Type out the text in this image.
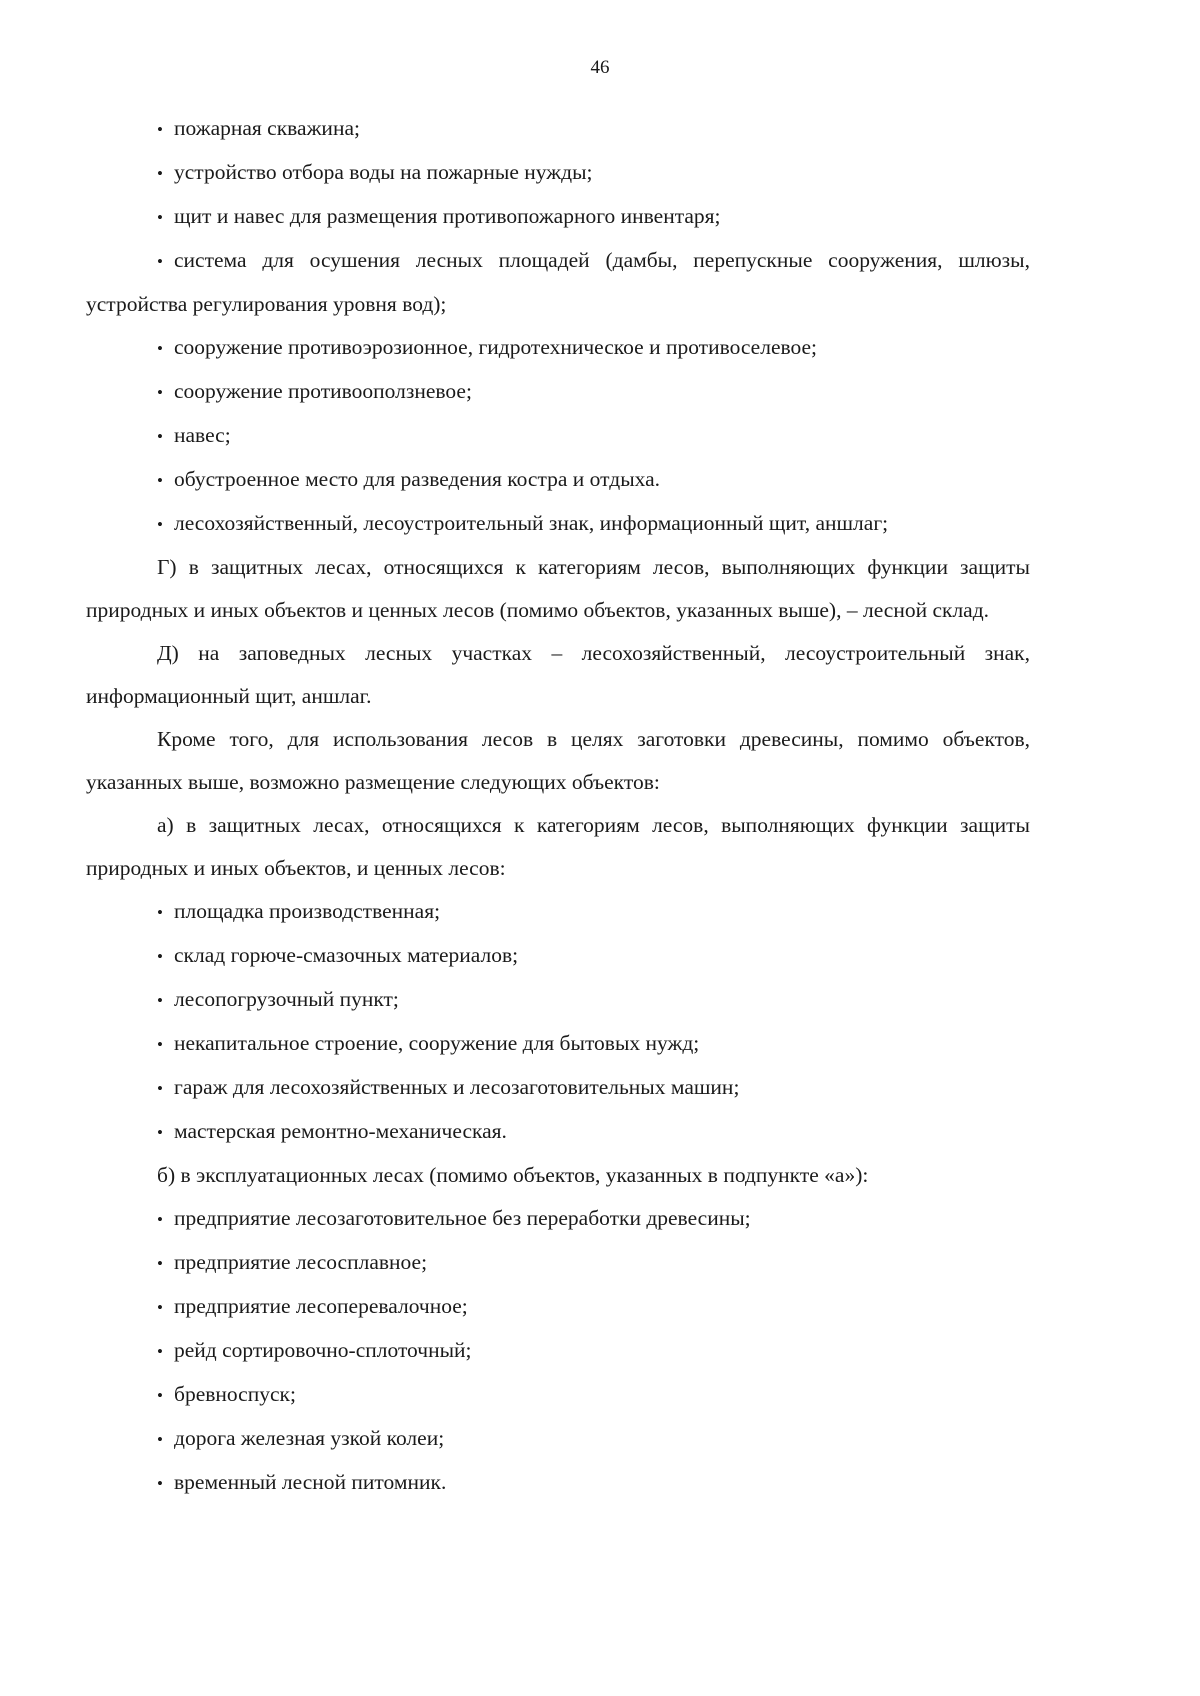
46

• пожарная скважина;

• устройство отбора воды на пожарные нужды;

• щит и навес для размещения противопожарного инвентаря;

• система для осушения лесных площадей (дамбы, перепускные сооружения, шлюзы, устройства регулирования уровня вод);

• сооружение противоэрозионное, гидротехническое и противоселевое;

• сооружение противооползневое;

• навес;

• обустроенное место для разведения костра и отдыха.

• лесохозяйственный, лесоустроительный знак, информационный щит, аншлаг;

Г) в защитных лесах, относящихся к категориям лесов, выполняющих функции защиты природных и иных объектов и ценных лесов (помимо объектов, указанных выше), – лесной склад.

Д) на заповедных лесных участках – лесохозяйственный, лесоустроительный знак, информационный щит, аншлаг.

Кроме того, для использования лесов в целях заготовки древесины, помимо объектов, указанных выше, возможно размещение следующих объектов:

а) в защитных лесах, относящихся к категориям лесов, выполняющих функции защиты природных и иных объектов, и ценных лесов:

• площадка производственная;

• склад горюче-смазочных материалов;

• лесопогрузочный пункт;

• некапитальное строение, сооружение для бытовых нужд;

• гараж для лесохозяйственных и лесозаготовительных машин;

• мастерская ремонтно-механическая.

б) в эксплуатационных лесах (помимо объектов, указанных в подпункте «а»):

• предприятие лесозаготовительное без переработки древесины;

• предприятие лесосплавное;

• предприятие лесоперевалочное;

• рейд сортировочно-сплоточный;

• бревноспуск;

• дорога железная узкой колеи;

• временный лесной питомник.
